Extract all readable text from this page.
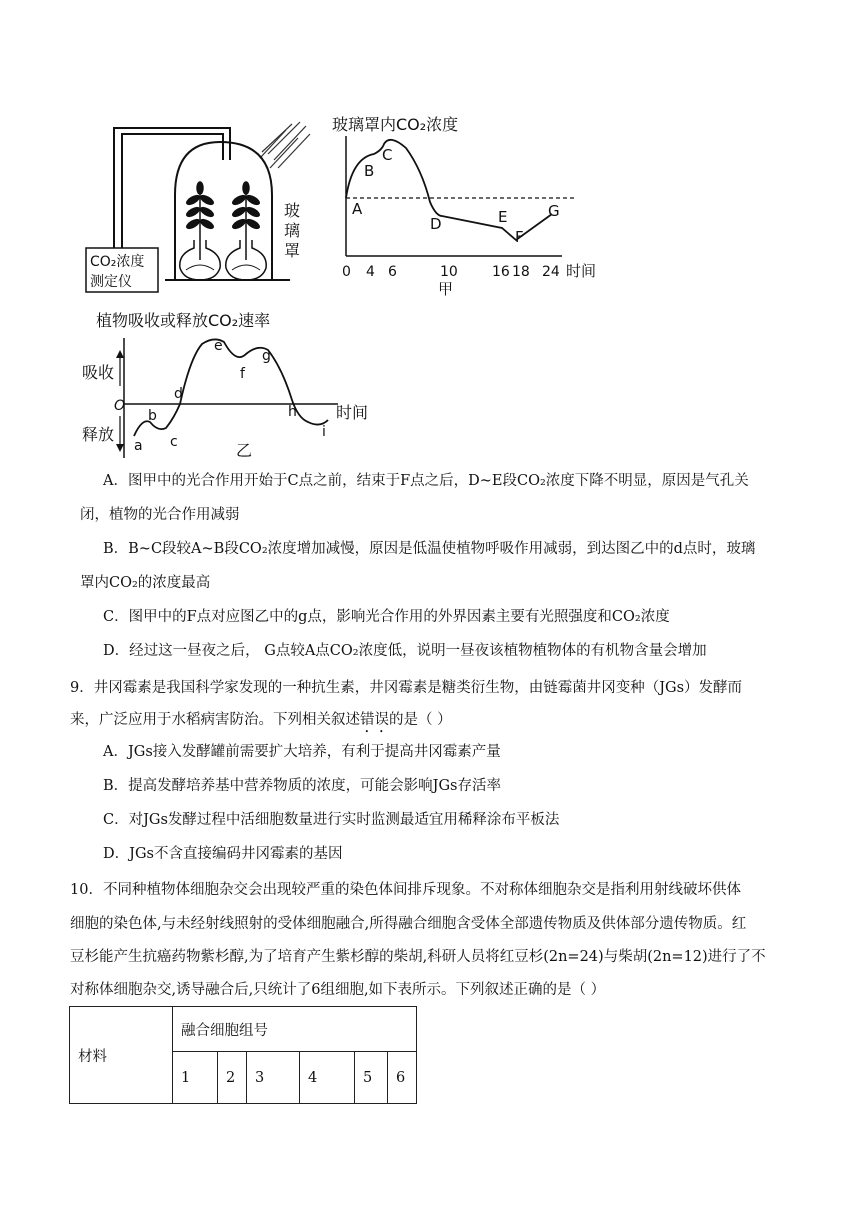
CO₂浓度
测定仪
玻
璃
罩
玻璃罩内CO₂浓度
A
B
C
D	E
F
G
0 4 6	10 16 18 24 时间
甲
植物吸收或释放CO₂速率
吸收
释放
O
a
b
c
d
e
f
g
h
i
时间
乙

A．图甲中的光合作用开始于C点之前，结束于F点之后，D~E段CO₂浓度下降不明显，原因是气孔关

闭，植物的光合作用减弱

B．B~C段较A~B段CO₂浓度增加减慢，原因是低温使植物呼吸作用减弱，到达图乙中的d点时，玻璃

罩内CO₂的浓度最高

C．图甲中的F点对应图乙中的g点，影响光合作用的外界因素主要有光照强度和CO₂浓度

D．经过这一昼夜之后， G点较A点CO₂浓度低，说明一昼夜该植物植物体的有机物含量会增加

9．井冈霉素是我国科学家发现的一种抗生素，井冈霉素是糖类衍生物，由链霉菌井冈变种（JGs）发酵而

来，广泛应用于水稻病害防治。下列相关叙述错误的是（ ）

A．JGs接入发酵罐前需要扩大培养，有利于提高井冈霉素产量

B．提高发酵培养基中营养物质的浓度，可能会影响JGs存活率

C．对JGs发酵过程中活细胞数量进行实时监测最适宜用稀释涂布平板法

D．JGs不含直接编码井冈霉素的基因

10．不同种植物体细胞杂交会出现较严重的染色体间排斥现象。不对称体细胞杂交是指利用射线破坏供体

细胞的染色体,与未经射线照射的受体细胞融合,所得融合细胞含受体全部遗传物质及供体部分遗传物质。红

豆杉能产生抗癌药物紫杉醇,为了培育产生紫杉醇的柴胡,科研人员将红豆杉(2n=24)与柴胡(2n=12)进行了不

对称体细胞杂交,诱导融合后,只统计了6组细胞,如下表所示。下列叙述正确的是（ ）

材料	融合细胞组号					
	1	2	3	4	5	6
